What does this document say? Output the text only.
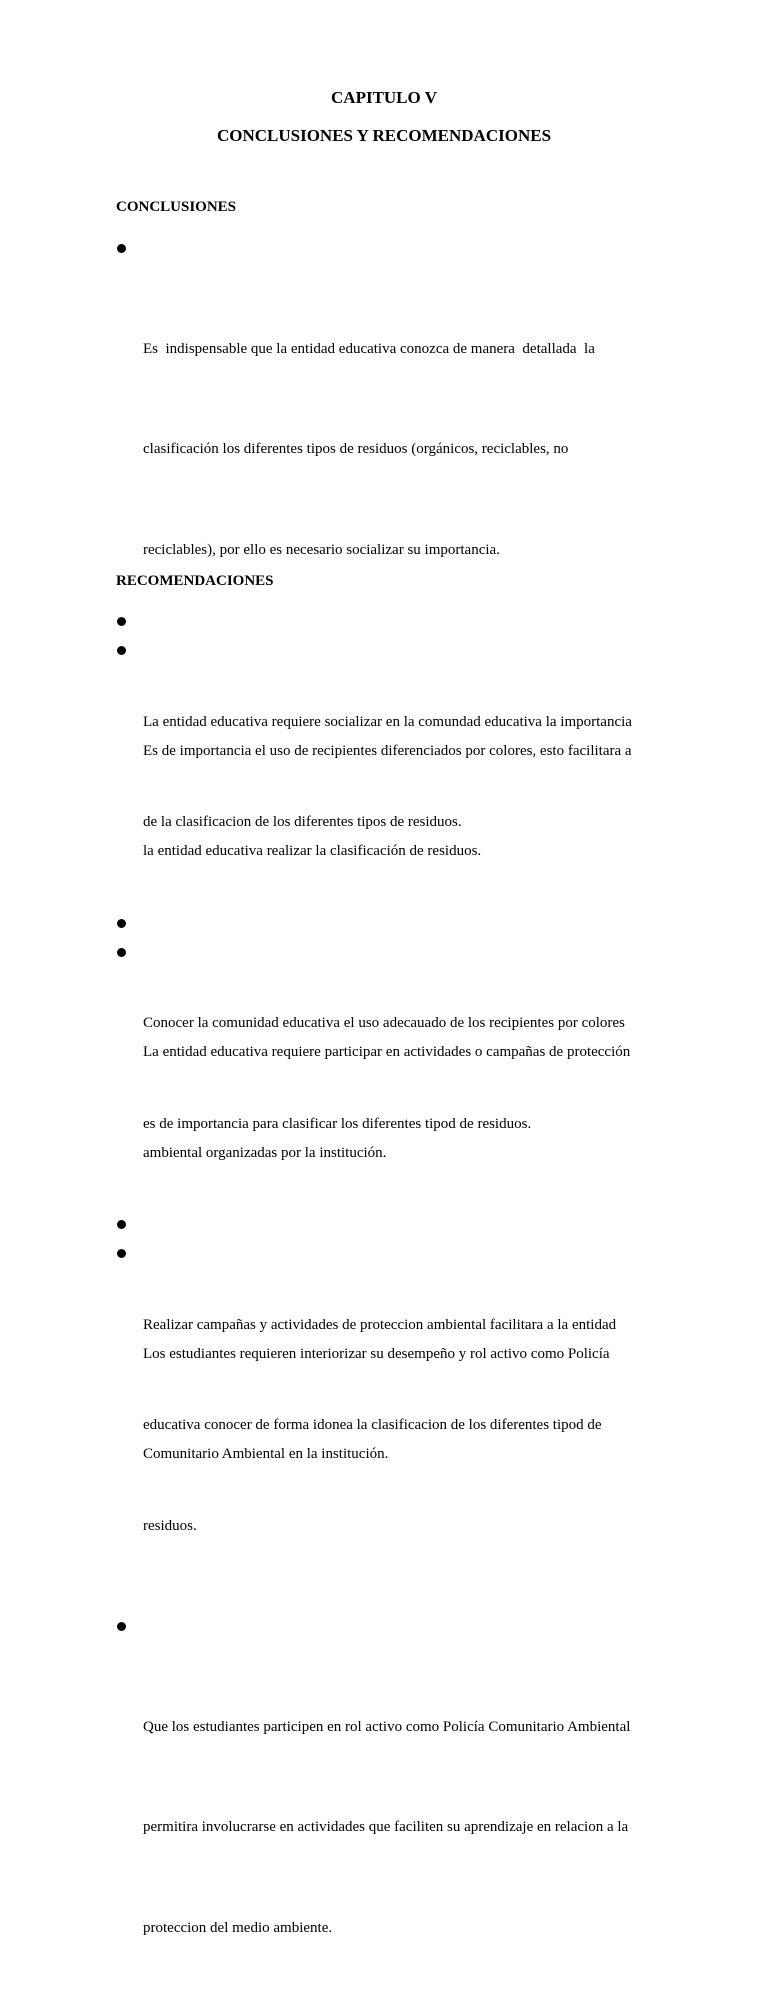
CAPITULO V
CONCLUSIONES Y RECOMENDACIONES
CONCLUSIONES

Es  indispensable que la entidad educativa conozca de manera  detallada  la

clasificación los diferentes tipos de residuos (orgánicos, reciclables, no

reciclables), por ello es necesario socializar su importancia.

Es de importancia el uso de recipientes diferenciados por colores, esto facilitara a

la entidad educativa realizar la clasificación de residuos.

La entidad educativa requiere participar en actividades o campañas de protección

ambiental organizadas por la institución.

Los estudiantes requieren interiorizar su desempeño y rol activo como Policía

Comunitario Ambiental en la institución.

RECOMENDACIONES

La entidad educativa requiere socializar en la comundad educativa la importancia

de la clasificacion de los diferentes tipos de residuos.

Conocer la comunidad educativa el uso adecauado de los recipientes por colores

es de importancia para clasificar los diferentes tipod de residuos.

Realizar campañas y actividades de proteccion ambiental facilitara a la entidad

educativa conocer de forma idonea la clasificacion de los diferentes tipod de

residuos.

Que los estudiantes participen en rol activo como Policía Comunitario Ambiental

permitira involucrarse en actividades que faciliten su aprendizaje en relacion a la

proteccion del medio ambiente.
